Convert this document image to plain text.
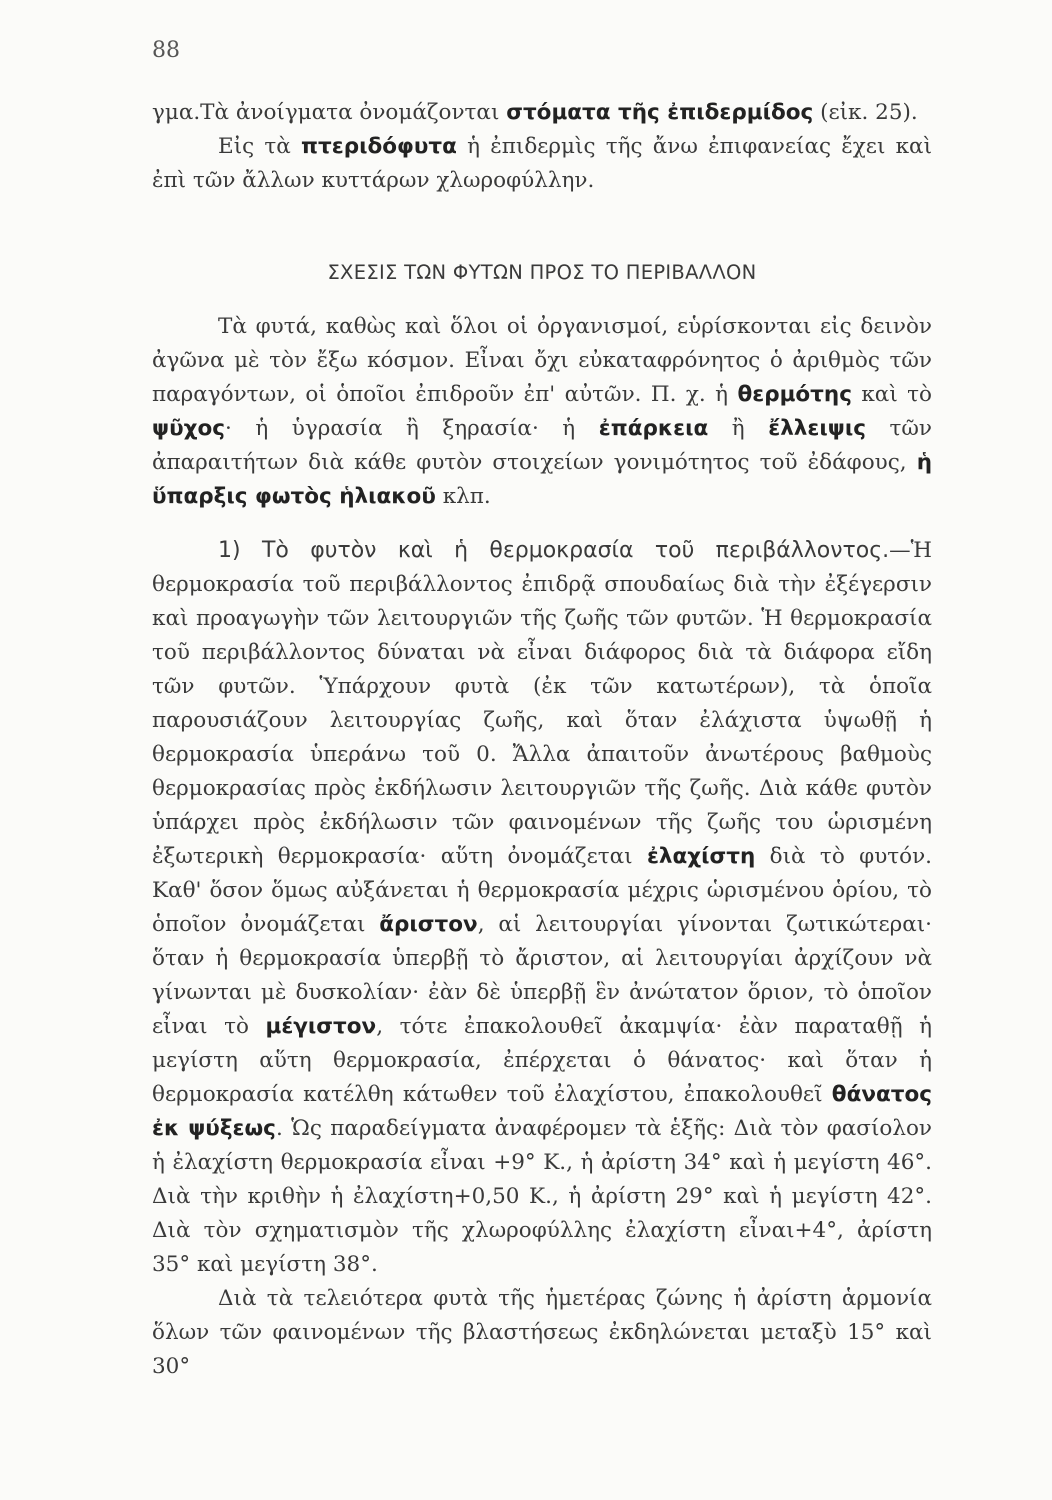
88

γμα.Τὰ ἀνοίγματα ὀνομάζονται στόματα τῆς ἐπιδερμίδος (εἰκ. 25).

Εἰς τὰ πτεριδόφυτα ἡ ἐπιδερμὶς τῆς ἄνω ἐπιφανείας ἔχει καὶ ἐπὶ τῶν ἄλλων κυττάρων χλωροφύλλην.

ΣΧΕΣΙΣ ΤΩΝ ΦΥΤΩΝ ΠΡΟΣ ΤΟ ΠΕΡΙΒΑΛΛΟΝ

Τὰ φυτά, καθὼς καὶ ὅλοι οἱ ὀργανισμοί, εὑρίσκονται εἰς δεινὸν ἀγῶνα μὲ τὸν ἔξω κόσμον. Εἶναι ὄχι εὐκαταφρόνητος ὁ ἀριθμὸς τῶν παραγόντων, οἱ ὁποῖοι ἐπιδροῦν ἐπ' αὐτῶν. Π. χ. ἡ θερμότης καὶ τὸ ψῦχος· ἡ ὑγρασία ἢ ξηρασία· ἡ ἐπάρκεια ἢ ἔλλειψις τῶν ἀπαραιτήτων διὰ κάθε φυτὸν στοιχείων γονιμότητος τοῦ ἐδάφους, ἡ ὕπαρξις φωτὸς ἡλιακοῦ κλπ.

1) Τὸ φυτὸν καὶ ἡ θερμοκρασία τοῦ περιβάλλοντος.—Ἡ θερμοκρασία τοῦ περιβάλλοντος ἐπιδρᾷ σπουδαίως διὰ τὴν ἐξέγερσιν καὶ προαγωγὴν τῶν λειτουργιῶν τῆς ζωῆς τῶν φυτῶν. Ἡ θερμοκρασία τοῦ περιβάλλοντος δύναται νὰ εἶναι διάφορος διὰ τὰ διάφορα εἴδη τῶν φυτῶν. Ὑπάρχουν φυτὰ (ἐκ τῶν κατωτέρων), τὰ ὁποῖα παρουσιάζουν λειτουργίας ζωῆς, καὶ ὅταν ἐλάχιστα ὑψωθῇ ἡ θερμοκρασία ὑπεράνω τοῦ 0. Ἄλλα ἀπαιτοῦν ἀνωτέρους βαθμοὺς θερμοκρασίας πρὸς ἐκδήλωσιν λειτουργιῶν τῆς ζωῆς. Διὰ κάθε φυτὸν ὑπάρχει πρὸς ἐκδήλωσιν τῶν φαινομένων τῆς ζωῆς του ὡρισμένη ἐξωτερικὴ θερμοκρασία· αὕτη ὀνομάζεται ἐλαχίστη διὰ τὸ φυτόν. Καθ' ὅσον ὅμως αὐξάνεται ἡ θερμοκρασία μέχρις ὡρισμένου ὁρίου, τὸ ὁποῖον ὀνομάζεται ἄριστον, αἱ λειτουργίαι γίνονται ζωτικώτεραι· ὅταν ἡ θερμοκρασία ὑπερβῇ τὸ ἄριστον, αἱ λειτουργίαι ἀρχίζουν νὰ γίνωνται μὲ δυσκολίαν· ἐὰν δὲ ὑπερβῇ ἓν ἀνώτατον ὅριον, τὸ ὁποῖον εἶναι τὸ μέγιστον, τότε ἐπακολουθεῖ ἀκαμψία· ἐὰν παραταθῇ ἡ μεγίστη αὕτη θερμοκρασία, ἐπέρχεται ὁ θάνατος· καὶ ὅταν ἡ θερμοκρασία κατέλθη κάτωθεν τοῦ ἐλαχίστου, ἐπακολουθεῖ θάνατος ἐκ ψύξεως. Ὡς παραδείγματα ἀναφέρομεν τὰ ἑξῆς: Διὰ τὸν φασίολον ἡ ἐλαχίστη θερμοκρασία εἶναι +9° Κ., ἡ ἀρίστη 34° καὶ ἡ μεγίστη 46°. Διὰ τὴν κριθὴν ἡ ἐλαχίστη+0,50 Κ., ἡ ἀρίστη 29° καὶ ἡ μεγίστη 42°. Διὰ τὸν σχηματισμὸν τῆς χλωροφύλλης ἐλαχίστη εἶναι+4°, ἀρίστη 35° καὶ μεγίστη 38°.

Διὰ τὰ τελειότερα φυτὰ τῆς ἡμετέρας ζώνης ἡ ἀρίστη ἁρμονία ὅλων τῶν φαινομένων τῆς βλαστήσεως ἐκδηλώνεται μεταξὺ 15° καὶ 30°
